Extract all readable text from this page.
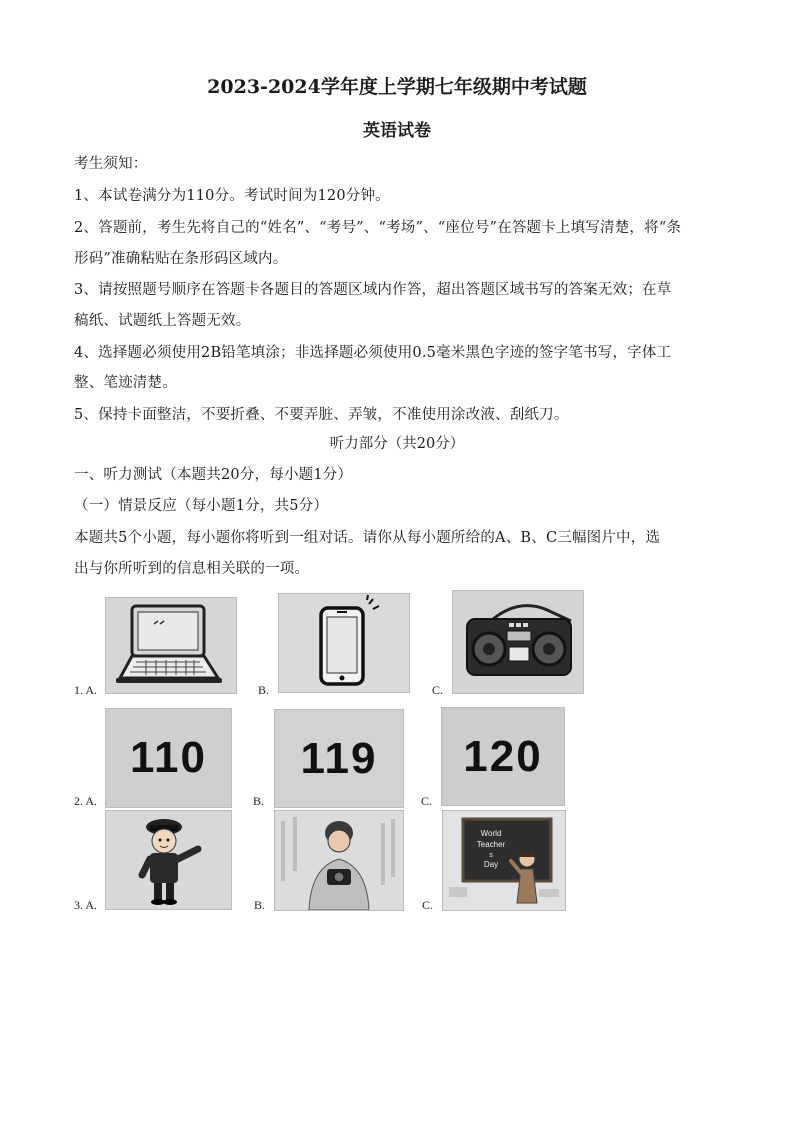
2023-2024学年度上学期七年级期中考试题
英语试卷
考生须知：
1、本试卷满分为110分。考试时间为120分钟。
2、答题前，考生先将自己的“姓名”、“考号”、“考场”、“座位号”在答题卡上填写清楚，将“条
形码”准确粘贴在条形码区域内。
3、请按照题号顺序在答题卡各题目的答题区域内作答，超出答题区域书写的答案无效；在草
稿纸、试题纸上答题无效。
4、选择题必须使用2B铅笔填涂；非选择题必须使用0.5毫米黑色字迹的签字笔书写，字体工
整、笔迹清楚。
5、保持卡面整洁，不要折叠、不要弄脏、弄皱，不准使用涂改液、刮纸刀。
听力部分（共20分）
一、听力测试（本题共20分，每小题1分）
（一）情景反应（每小题1分，共5分）
本题共5个小题，每小题你将听到一组对话。请你从每小题所给的A、B、C三幅图片中，选
出与你所听到的信息相关联的一项。
1. A.	B.	C.
2. A.
110
B.
119
C.
120
3. A.	B.	C.
World
Teacher
s
Day
